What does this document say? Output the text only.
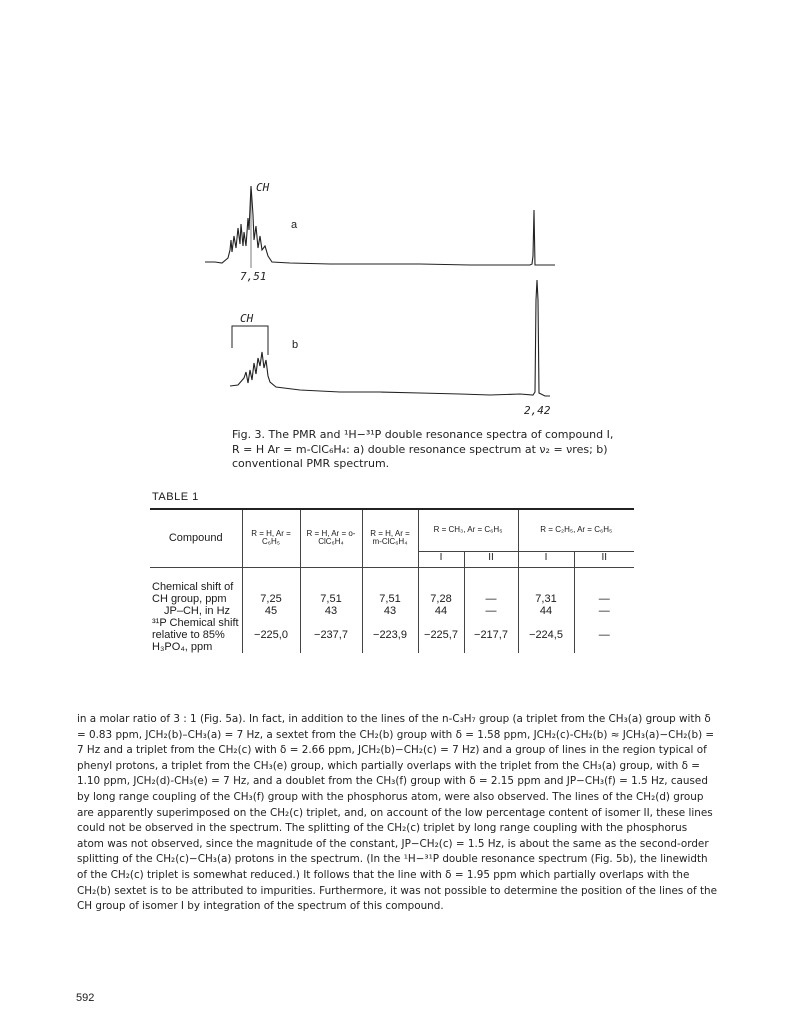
CH
a
7,51
CH
b
2,42
Fig. 3. The PMR and ¹H−³¹P double resonance spectra of compound I, R = H Ar = m-ClC₆H₄: a) double resonance spectrum at ν₂ = νres; b) conventional PMR spectrum.
TABLE 1
Compound	R = H, Ar = C₆H₅	R = H, Ar = o-ClC₆H₄	R = H, Ar = m-ClC₆H₄	R = CH₃, Ar = C₆H₅		R = C₂H₅, Ar = C₆H₅	
				I	II	I	II

Chemical shift of CH group, ppm	7,25	7,51	7,51	7,28	—	7,31	—
JP–CH, in Hz	45	43	43	44	—	44	—
³¹P Chemical shift relative to 85% H₃PO₄, ppm	−225,0	−237,7	−223,9	−225,7	−217,7	−224,5	—

in a molar ratio of 3 : 1 (Fig. 5a). In fact, in addition to the lines of the n-C₃H₇ group (a triplet from the CH₃(a) group with δ = 0.83 ppm, JCH₂(b)–CH₃(a) = 7 Hz, a sextet from the CH₂(b) group with δ = 1.58 ppm, JCH₂(c)-CH₂(b) ≈ JCH₃(a)−CH₂(b) = 7 Hz and a triplet from the CH₂(c) with δ = 2.66 ppm, JCH₂(b)−CH₂(c) = 7 Hz) and a group of lines in the region typical of phenyl protons, a triplet from the CH₃(e) group, which partially overlaps with the triplet from the CH₃(a) group, with δ = 1.10 ppm, JCH₂(d)-CH₃(e) = 7 Hz, and a doublet from the CH₃(f) group with δ = 2.15 ppm and JP−CH₃(f) = 1.5 Hz, caused by long range coupling of the CH₃(f) group with the phosphorus atom, were also observed. The lines of the CH₂(d) group are apparently superimposed on the CH₂(c) triplet, and, on account of the low percentage content of isomer II, these lines could not be observed in the spectrum. The splitting of the CH₂(c) triplet by long range coupling with the phosphorus atom was not observed, since the magnitude of the constant, JP−CH₂(c) = 1.5 Hz, is about the same as the second-order splitting of the CH₂(c)−CH₃(a) protons in the spectrum. (In the ¹H−³¹P double resonance spectrum (Fig. 5b), the linewidth of the CH₂(c) triplet is somewhat reduced.) It follows that the line with δ = 1.95 ppm which partially overlaps with the CH₂(b) sextet is to be attributed to impurities. Furthermore, it was not possible to determine the position of the lines of the CH group of isomer I by integration of the spectrum of this compound.

592
